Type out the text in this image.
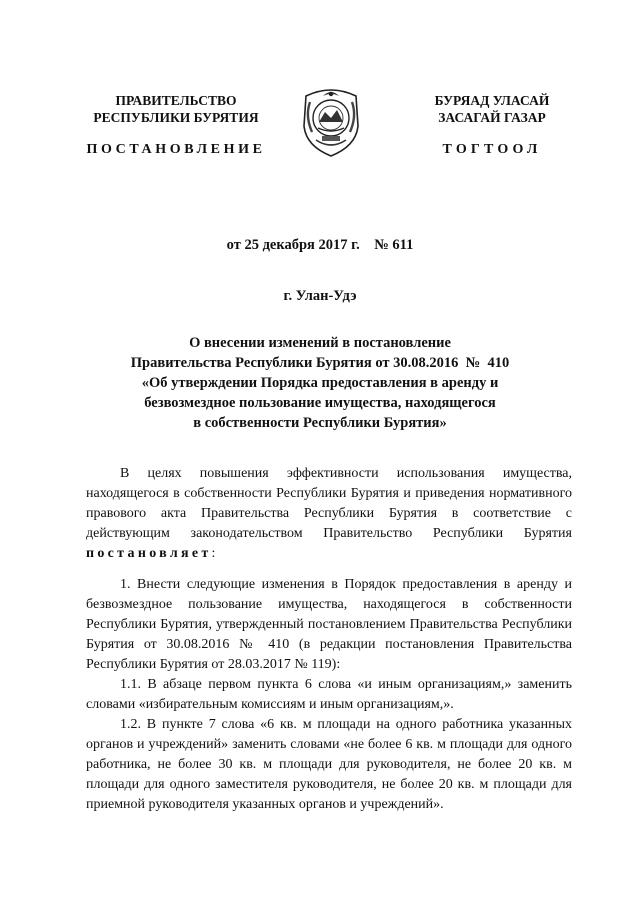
ПРАВИТЕЛЬСТВО
РЕСПУБЛИКИ БУРЯТИЯ
БУРЯАД УЛАСАЙ
ЗАСАГАЙ ГАЗАР
ПОСТАНОВЛЕНИЕ	ТОГТООЛ
от 25 декабря 2017 г.    № 611
г. Улан-Удэ
О внесении изменений в постановление
Правительства Республики Бурятия от 30.08.2016  №  410
«Об утверждении Порядка предоставления в аренду и
безвозмездное пользование имущества, находящегося
в собственности Республики Бурятия»

В целях повышения эффективности использования имущества, находящегося в собственности Республики Бурятия и приведения нормативного правового акта Правительства Республики Бурятия в соответствие с действующим законодательством Правительство Республики Бурятия постановляет:

1. Внести следующие изменения в Порядок предоставления в аренду и безвозмездное пользование имущества, находящегося в собственности Республики Бурятия, утвержденный постановлением Правительства Республики Бурятия от 30.08.2016 № 410 (в редакции постановления Правительства Республики Бурятия от 28.03.2017 № 119):

1.1. В абзаце первом пункта 6 слова «и иным организациям,» заменить словами «избирательным комиссиям и иным организациям,».

1.2. В пункте 7 слова «6 кв. м площади на одного работника указанных органов и учреждений» заменить словами «не более 6 кв. м площади для одного работника, не более 30 кв. м площади для руководителя, не более 20 кв. м площади для одного заместителя руководителя, не более 20 кв. м площади для приемной руководителя указанных органов и учреждений».
